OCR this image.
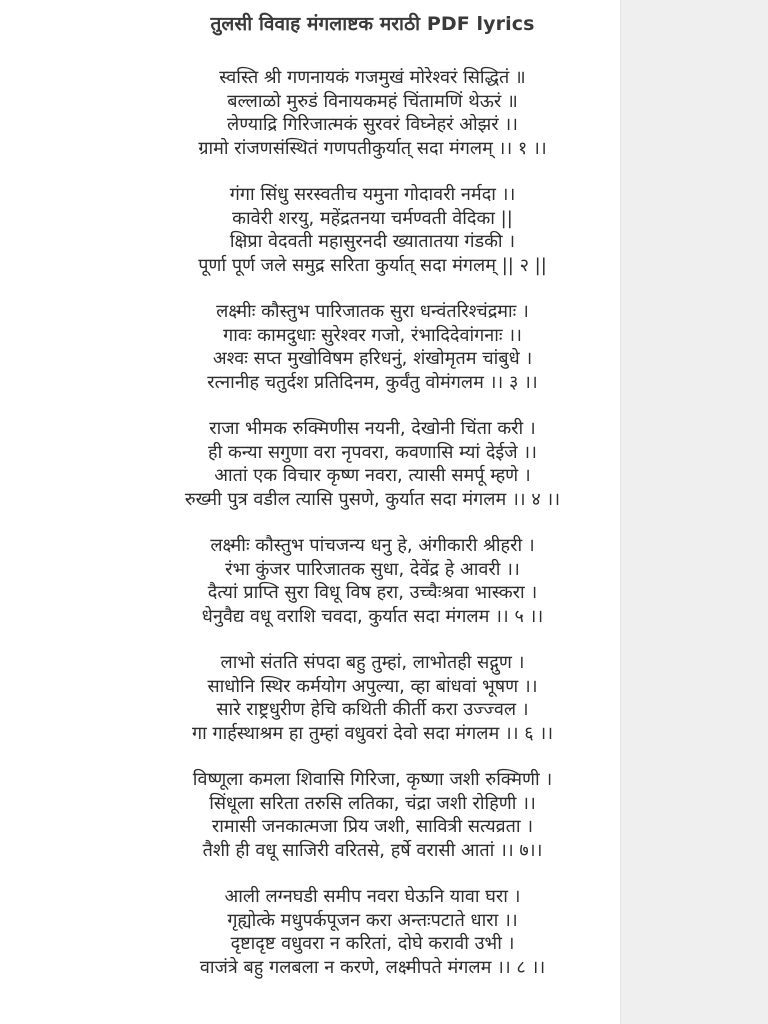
तुलसी विवाह मंगलाष्टक मराठी PDF lyrics
स्वस्ति श्री गणनायकं गजमुखं मोरेश्वरं सिद्धितं ॥
बल्लाळो मुरुडं विनायकमहं चिंतामणिं थेऊरं ॥
लेण्याद्रि गिरिजात्मकं सुरवरं विघ्नेहरं ओझरं ।।
ग्रामो रांजणसंस्थितं गणपतीकुर्यात् सदा मंगलम् ।। १ ।।
गंगा सिंधु सरस्वतीच यमुना गोदावरी नर्मदा ।।
कावेरी शरयु, महेंद्रतनया चर्मण्वती वेदिका ||
क्षिप्रा वेदवती महासुरनदी ख्यातातया गंडकी ।
पूर्णा पूर्ण जले समुद्र सरिता कुर्यात् सदा मंगलम् || २ ||
लक्ष्मीः कौस्तुभ पारिजातक सुरा धन्वंतरिश्चंद्रमाः ।
गावः कामदुधाः सुरेश्वर गजो, रंभादिदेवांगनाः ।।
अश्वः सप्त मुखोविषम हरिधनुं, शंखोमृतम चांबुधे ।
रत्नानीह चतुर्दश प्रतिदिनम, कुर्वंतु वोमंगलम ।। ३ ।।
राजा भीमक रुक्मिणीस नयनी, देखोनी चिंता करी ।
ही कन्या सगुणा वरा नृपवरा, कवणासि म्यां देईजे ।।
आतां एक विचार कृष्ण नवरा, त्यासी समर्पू म्हणे ।
रुख्मी पुत्र वडील त्यासि पुसणे, कुर्यात सदा मंगलम ।। ४ ।।
लक्ष्मीः कौस्तुभ पांचजन्य धनु हे, अंगीकारी श्रीहरी ।
रंभा कुंजर पारिजातक सुधा, देवेंद्र हे आवरी ।।
दैत्यां प्राप्ति सुरा विधू विष हरा, उच्चैःश्रवा भास्करा ।
धेनुवैद्य वधू वराशि चवदा, कुर्यात सदा मंगलम ।। ५ ।।
लाभो संतति संपदा बहु तुम्हां, लाभोतही सद्गुण ।
साधोनि स्थिर कर्मयोग अपुल्या, व्हा बांधवां भूषण ।।
सारे राष्ट्रधुरीण हेचि कथिती कीर्ती करा उज्ज्वल ।
गा गार्हस्थाश्रम हा तुम्हां वधुवरां देवो सदा मंगलम ।। ६ ।।
विष्णूला कमला शिवासि गिरिजा, कृष्णा जशी रुक्मिणी ।
सिंधूला सरिता तरुसि लतिका, चंद्रा जशी रोहिणी ।।
रामासी जनकात्मजा प्रिय जशी, सावित्री सत्यव्रता ।
तैशी ही वधू साजिरी वरितसे, हर्षे वरासी आतां ।। ७।।
आली लग्नघडी समीप नवरा घेऊनि यावा घरा ।
गृह्योत्के मधुपर्कपूजन करा अन्तःपटाते धारा ।।
दृष्टादृष्ट वधुवरा न करितां, दोघे करावी उभी ।
वाजंत्रे बहु गलबला न करणे, लक्ष्मीपते मंगलम ।। ८ ।।
